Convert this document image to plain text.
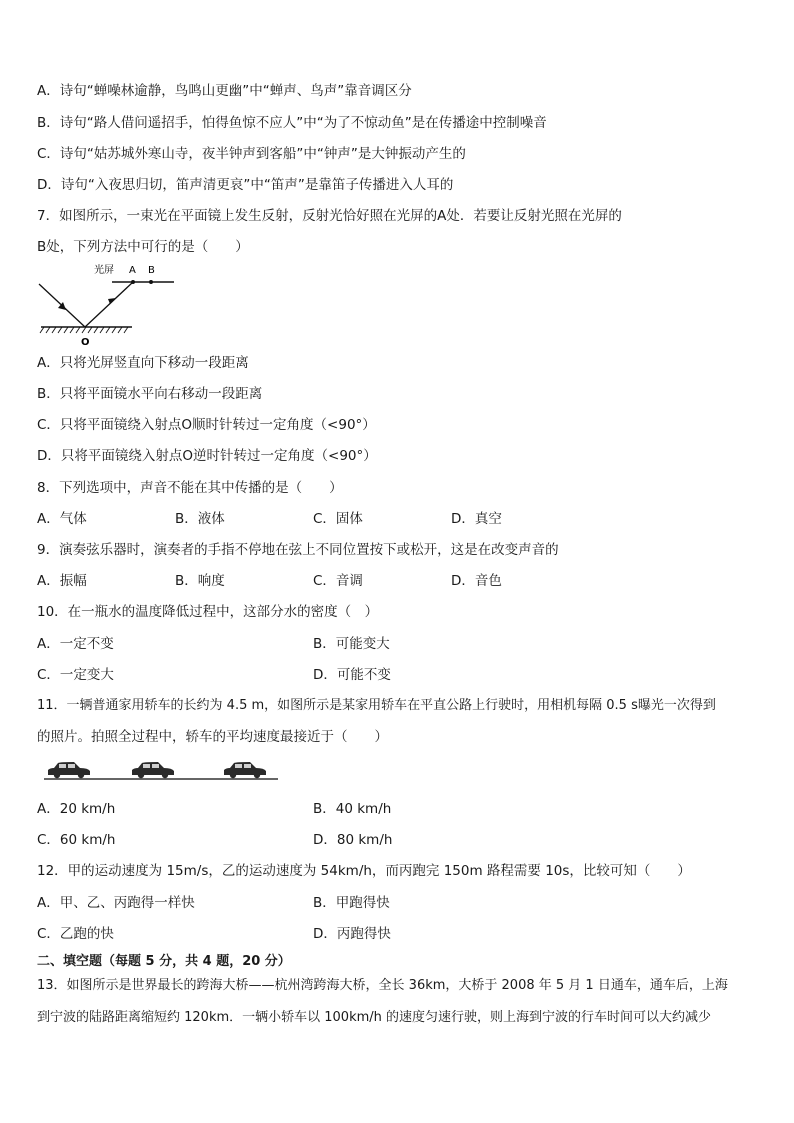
A．诗句“蝉噪林逾静，鸟鸣山更幽”中“蝉声、鸟声”靠音调区分
B．诗句“路人借问遥招手，怕得鱼惊不应人”中“为了不惊动鱼”是在传播途中控制噪音
C．诗句“姑苏城外寒山寺，夜半钟声到客船”中“钟声”是大钟振动产生的
D．诗句“入夜思归切，笛声清更哀”中“笛声”是靠笛子传播进入人耳的
7．如图所示，一束光在平面镜上发生反射，反射光恰好照在光屏的A处．若要让反射光照在光屏的
B处，下列方法中可行的是（　　）
光屏 A B
O
A．只将光屏竖直向下移动一段距离
B．只将平面镜水平向右移动一段距离
C．只将平面镜绕入射点O顺时针转过一定角度（<90°）
D．只将平面镜绕入射点O逆时针转过一定角度（<90°）
8．下列选项中，声音不能在其中传播的是（　　）
A．气体	B．液体	C．固体	D．真空
9．演奏弦乐器时，演奏者的手指不停地在弦上不同位置按下或松开，这是在改变声音的
A．振幅	B．响度	C．音调	D．音色
10．在一瓶水的温度降低过程中，这部分水的密度（　）
A．一定不变	B．可能变大
C．一定变大	D．可能不变
11．一辆普通家用轿车的长约为 4.5 m，如图所示是某家用轿车在平直公路上行驶时，用相机每隔 0.5 s曝光一次得到
的照片。拍照全过程中，轿车的平均速度最接近于（　　）
A．20 km/h	B．40 km/h
C．60 km/h	D．80 km/h
12．甲的运动速度为 15m/s，乙的运动速度为 54km/h，而丙跑完 150m 路程需要 10s，比较可知（　　）
A．甲、乙、丙跑得一样快	B．甲跑得快
C．乙跑的快	D．丙跑得快
二、填空题（每题 5 分，共 4 题，20 分）
13．如图所示是世界最长的跨海大桥——杭州湾跨海大桥，全长 36km，大桥于 2008 年 5 月 1 日通车，通车后，上海
到宁波的陆路距离缩短约 120km．一辆小轿车以 100km/h 的速度匀速行驶，则上海到宁波的行车时间可以大约减少
